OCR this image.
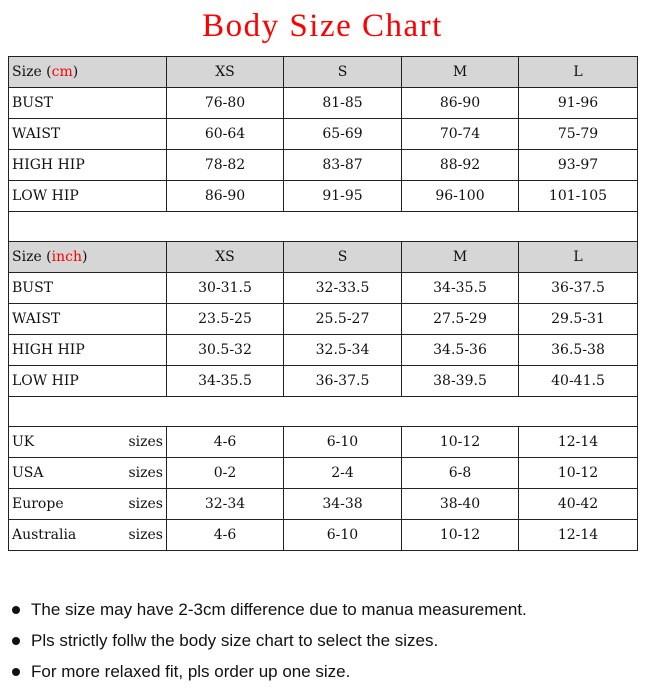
Body Size Chart
Size (cm)	XS	S	M	L
BUST	76-80	81-85	86-90	91-96
WAIST	60-64	65-69	70-74	75-79
HIGH HIP	78-82	83-87	88-92	93-97
LOW HIP	86-90	91-95	96-100	101-105

Size (inch)	XS	S	M	L
BUST	30-31.5	32-33.5	34-35.5	36-37.5
WAIST	23.5-25	25.5-27	27.5-29	29.5-31
HIGH HIP	30.5-32	32.5-34	34.5-36	36.5-38
LOW HIP	34-35.5	36-37.5	38-39.5	40-41.5

UK sizes	4-6	6-10	10-12	12-14

USA sizes	0-2	2-4	6-8	10-12

Europe sizes	32-34	34-38	38-40	40-42

Australia sizes	4-6	6-10	10-12	12-14
The size may have 2-3cm difference due to manua measurement.
Pls strictly follw the body size chart to select the sizes.
For more relaxed fit, pls order up one size.
